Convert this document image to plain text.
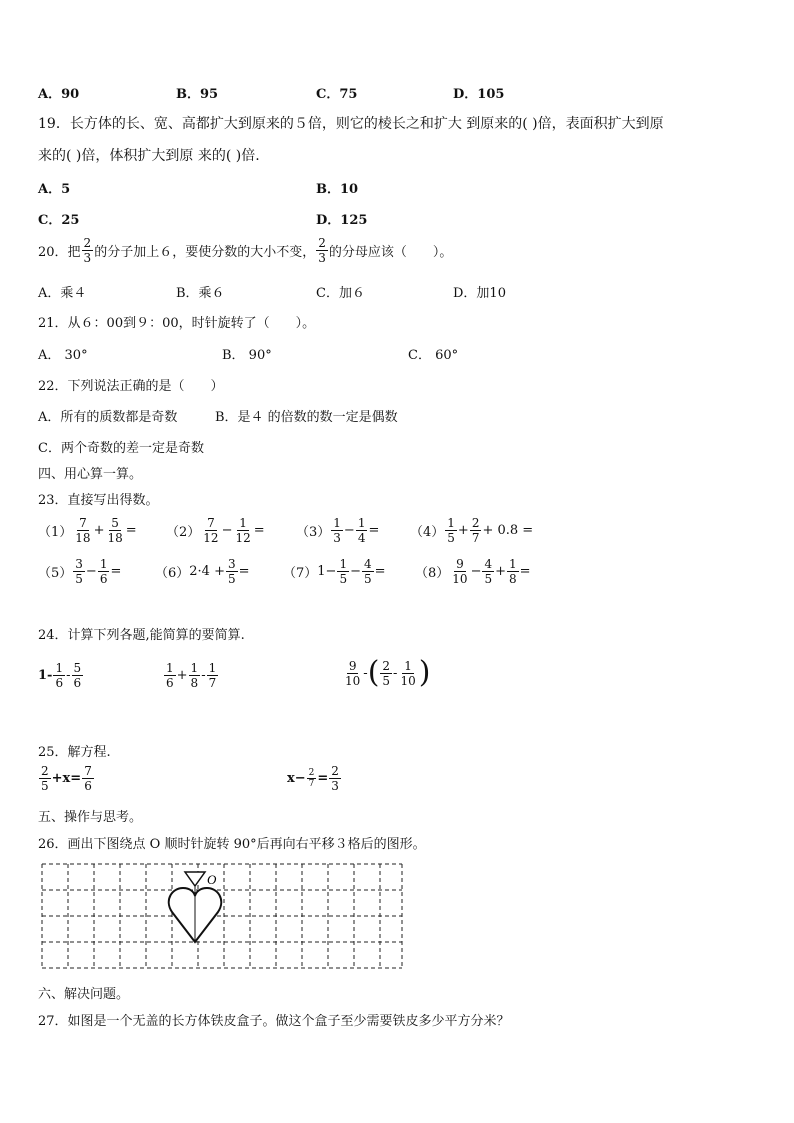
A．90	B．95	C．75	D．105
19．长方体的长、宽、高都扩大到原来的５倍，则它的棱长之和扩大 到原来的( )倍，表面积扩大到原
来的( )倍，体积扩大到原 来的( )倍.
A．5	B．10
C．25	D．125
20．把 $\frac{2}{3}$ 的分子加上６，要使分数的大小不变， $\frac{2}{3}$ 的分母应该（　　）。
A．乘４	B．乘６	C．加６	D．加10
21．从６：00到９：00，时针旋转了（　　）。
A． 30°	B． 90°	C． 60°
22．下列说法正确的是（　　）
A．所有的质数都是奇数	B．是４ 的倍数的数一定是偶数
C．两个奇数的差一定是奇数
四、用心算一算。
23．直接写出得数。
$(1) \frac{7}{18} + \frac{5}{18} = (2) \frac{7}{12} - \frac{1}{12} = (3) \frac{1}{3} - \frac{1}{4} = (4) \frac{1}{5} + \frac{2}{7} + 0.8$ =
$(5) \frac{3}{5} - \frac{1}{6}$ =	（6） $2\cdot 4 + \frac{3}{5}$ =	（7） $1- \frac{1}{5} - \frac{4}{5} = (8) \frac{9}{10} - \frac{4}{5} + \frac{1}{8}$ =
24．计算下列各题,能简算的要简算.
$1- \frac{1}{6} - \frac{5}{6}$	$\frac{1}{6} + \frac{1}{8} - \frac{1}{7}$	$\frac{9}{10}$ - ( $\frac{2}{5} - \frac{1}{10}$ )
25．解方程.
$\frac{2}{5} +x= \frac{7}{6}$	$x- \frac{2}{7} = \frac{2}{3}$
五、操作与思考。
26．画出下图绕点 O 顺时针旋转 90°后再向右平移３格后的图形。
O
六、解决问题。
27．如图是一个无盖的长方体铁皮盒子。做这个盒子至少需要铁皮多少平方分米？
